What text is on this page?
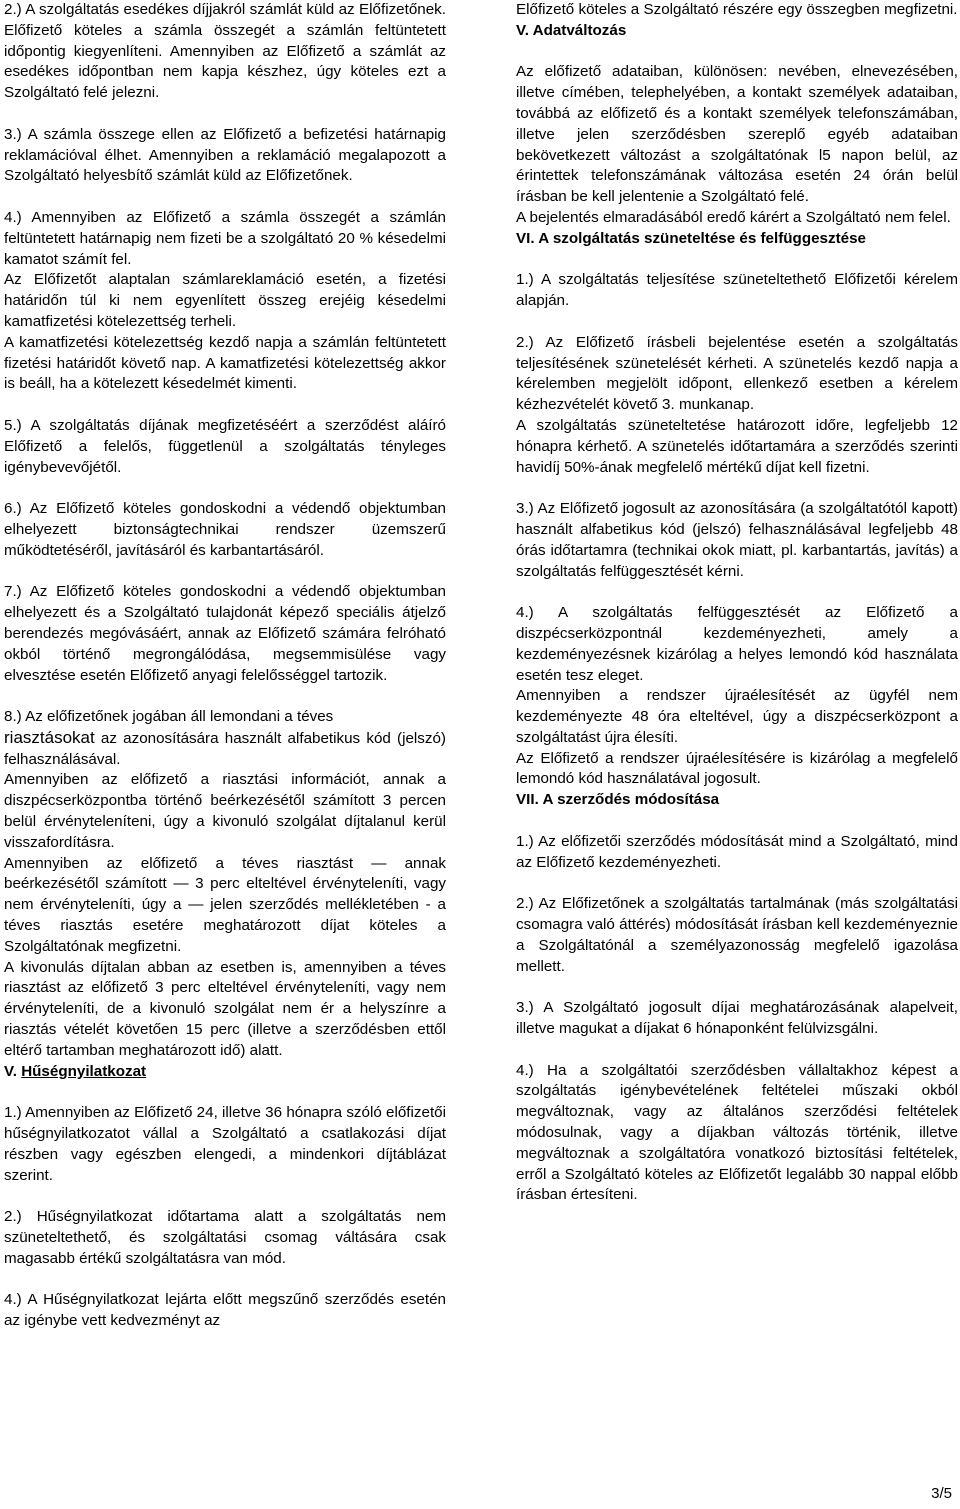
2.) A szolgáltatás esedékes díjjakról számlát küld az Előfizetőnek. Előfizető köteles a számla összegét a számlán feltüntetett időpontig kiegyenlíteni. Amennyiben az Előfizető a számlát az esedékes időpontban nem kapja készhez, úgy köteles ezt a Szolgáltató felé jelezni.

3.) A számla összege ellen az Előfizető a befizetési határnapig reklamációval élhet. Amennyiben a reklamáció megalapozott a Szolgáltató helyesbítő számlát küld az Előfizetőnek.

4.) Amennyiben az Előfizető a számla összegét a számlán feltüntetett határnapig nem fizeti be a szolgáltató 20 % késedelmi kamatot számít fel.

Az Előfizetőt alaptalan számlareklamáció esetén, a fizetési határidőn túl ki nem egyenlített összeg erejéig késedelmi kamatfizetési kötelezettség terheli.

A kamatfizetési kötelezettség kezdő napja a számlán feltüntetett fizetési határidőt követő nap. A kamatfizetési kötelezettség akkor is beáll, ha a kötelezett késedelmét kimenti.

5.) A szolgáltatás díjának megfizetéséért a szerződést aláíró Előfizető a felelős, függetlenül a szolgáltatás tényleges igénybevevőjétől.

6.) Az Előfizető köteles gondoskodni a védendő objektumban elhelyezett biztonságtechnikai rendszer üzemszerű működtetéséről, javításáról és karbantartásáról.

7.) Az Előfizető köteles gondoskodni a védendő objektumban elhelyezett és a Szolgáltató tulajdonát képező speciális átjelző berendezés megóvásáért, annak az Előfizető számára felróható okból történő megrongálódása, megsemmisülése vagy elvesztése esetén Előfizető anyagi felelősséggel tartozik.

8.) Az előfizetőnek jogában áll lemondani a téves
riasztásokat az azonosítására használt alfabetikus kód (jelszó) felhasználásával.

Amennyiben az előfizető a riasztási információt, annak a diszpécserközpontba történő beérkezésétől számított 3 percen belül érvényteleníteni, úgy a kivonuló szolgálat díjtalanul kerül visszafordításra.

Amennyiben az előfizető a téves riasztást — annak beérkezésétől számított — 3 perc elteltével érvényteleníti, vagy nem érvényteleníti, úgy a — jelen szerződés mellékletében - a téves riasztás esetére meghatározott díjat köteles a Szolgáltatónak megfizetni.

A kivonulás díjtalan abban az esetben is, amennyiben a téves riasztást az előfizető 3 perc elteltével érvényteleníti, vagy nem érvényteleníti, de a kivonuló szolgálat nem ér a helyszínre a riasztás vételét követően 15 perc (illetve a szerződésben ettől eltérő tartamban meghatározott idő) alatt.

V. Hűségnyilatkozat

1.) Amennyiben az Előfizető 24, illetve 36 hónapra szóló előfizetői hűségnyilatkozatot vállal a Szolgáltató a csatlakozási díjat részben vagy egészben elengedi, a mindenkori díjtáblázat szerint.

2.) Hűségnyilatkozat időtartama alatt a szolgáltatás nem szüneteltethető, és szolgáltatási csomag váltására csak magasabb értékű szolgáltatásra van mód.

4.) A Hűségnyilatkozat lejárta előtt megszűnő szerződés esetén az igénybe vett kedvezményt az

Előfizető köteles a Szolgáltató részére egy összegben megfizetni.

V. Adatváltozás

Az előfizető adataiban, különösen: nevében, elnevezésében, illetve címében, telephelyében, a kontakt személyek adataiban, továbbá az előfizető és a kontakt személyek telefonszámában, illetve jelen szerződésben szereplő egyéb adataiban bekövetkezett változást a szolgáltatónak l5 napon belül, az érintettek telefonszámának változása esetén 24 órán belül írásban be kell jelentenie a Szolgáltató felé.

A bejelentés elmaradásából eredő kárért a Szolgáltató nem felel.

VI. A szolgáltatás szüneteltése és felfüggesztése

1.) A szolgáltatás teljesítése szüneteltethető Előfizetői kérelem alapján.

2.) Az Előfizető írásbeli bejelentése esetén a szolgáltatás teljesítésének szünetelését kérheti. A szünetelés kezdő napja a kérelemben megjelölt időpont, ellenkező esetben a kérelem kézhezvételét követő 3. munkanap.

A szolgáltatás szüneteltetése határozott időre, legfeljebb 12 hónapra kérhető. A szünetelés időtartamára a szerződés szerinti havidíj 50%-ának megfelelő mértékű díjat kell fizetni.

3.) Az Előfizető jogosult az azonosítására (a szolgáltatótól kapott) használt alfabetikus kód (jelszó) felhasználásával legfeljebb 48 órás időtartamra (technikai okok miatt, pl. karbantartás, javítás) a szolgáltatás felfüggesztését kérni.

4.) A szolgáltatás felfüggesztését az Előfizető a diszpécserközpontnál kezdeményezheti, amely a kezdeményezésnek kizárólag a helyes lemondó kód használata esetén tesz eleget.

Amennyiben a rendszer újraélesítését az ügyfél nem kezdeményezte 48 óra elteltével, úgy a diszpécserközpont a szolgáltatást újra élesíti.

Az Előfizető a rendszer újraélesítésére is kizárólag a megfelelő lemondó kód használatával jogosult.

VII. A szerződés módosítása

1.) Az előfizetői szerződés módosítását mind a Szolgáltató, mind az Előfizető kezdeményezheti.

2.) Az Előfizetőnek a szolgáltatás tartalmának (más szolgáltatási csomagra való áttérés) módosítását írásban kell kezdeményeznie a Szolgáltatónál a személyazonosság megfelelő igazolása mellett.

3.) A Szolgáltató jogosult díjai meghatározásának alapelveit, illetve magukat a díjakat 6 hónaponként felülvizsgálni.

4.) Ha a szolgáltatói szerződésben vállaltakhoz képest a szolgáltatás igénybevételének feltételei műszaki okból megváltoznak, vagy az általános szerződési feltételek módosulnak, vagy a díjakban változás történik, illetve megváltoznak a szolgáltatóra vonatkozó biztosítási feltételek, erről a Szolgáltató köteles az Előfizetőt legalább 30 nappal előbb írásban értesíteni.

3/5
